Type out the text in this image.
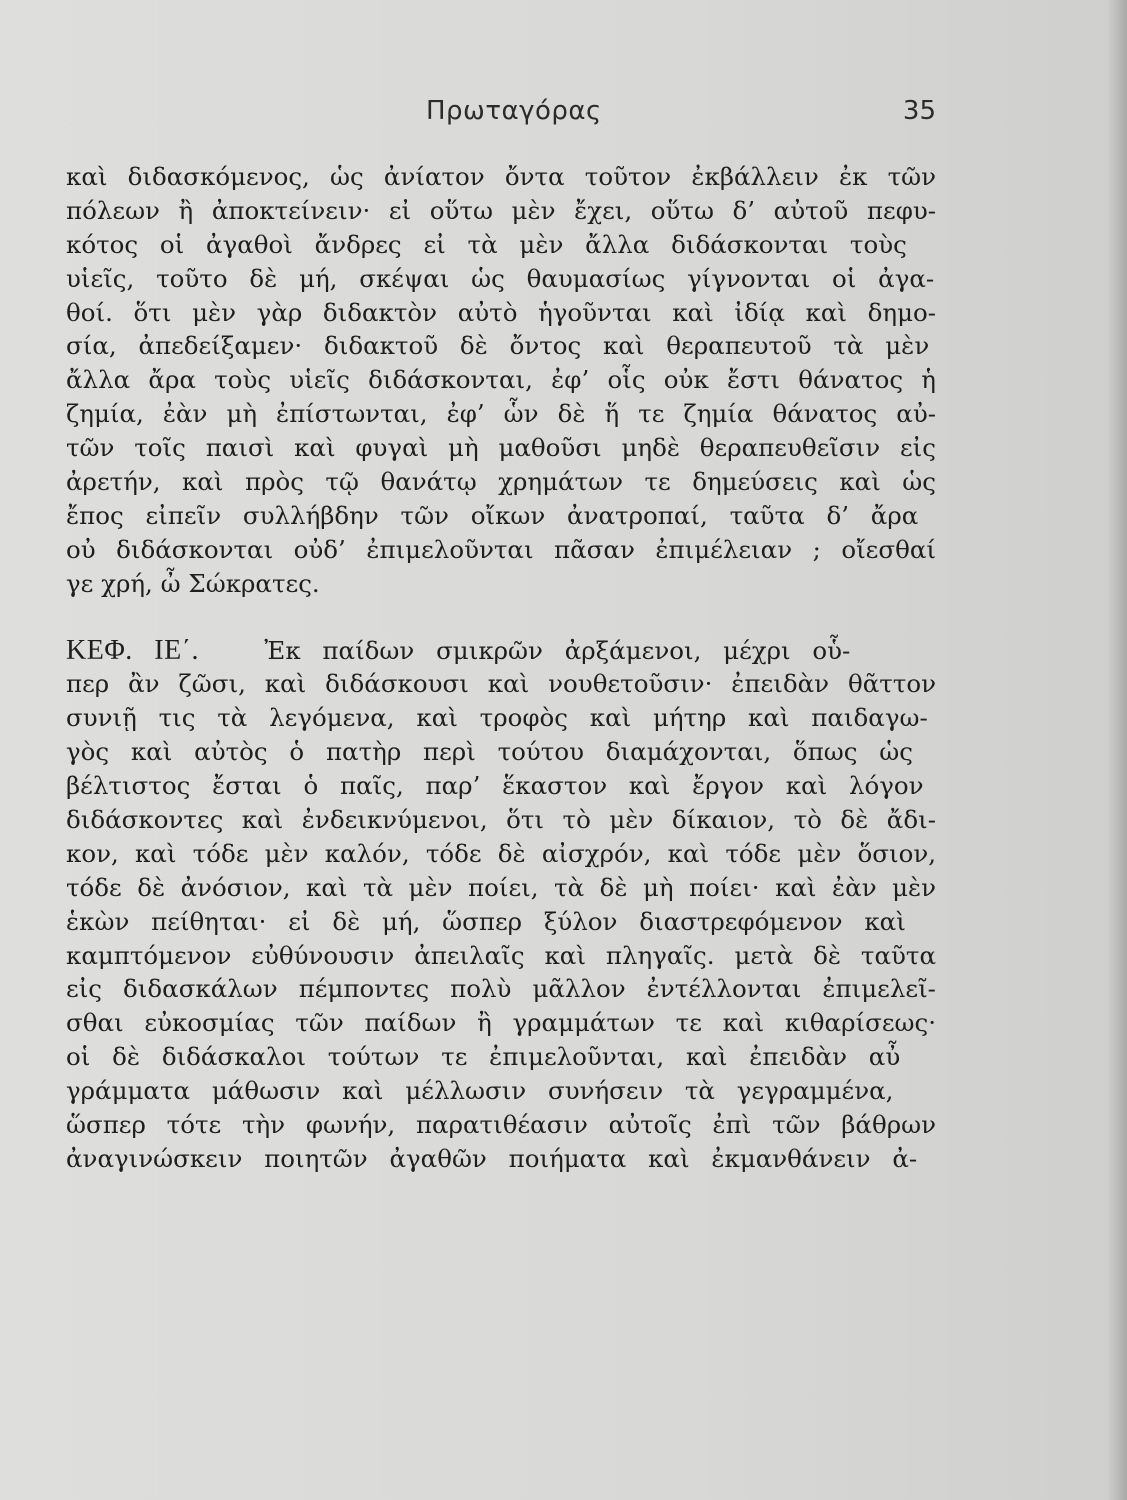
Πρωταγόρας	35
καὶ διδασκόμενος, ὡς ἀνίατον ὄντα τοῦτον ἐκβάλλειν ἐκ τῶν
πόλεων ἢ ἀποκτείνειν· εἰ οὕτω μὲν ἔχει, οὕτω δ’ αὐτοῦ πεφυ-
κότος οἱ ἀγαθοὶ ἄνδρες εἰ τὰ μὲν ἄλλα διδάσκονται τοὺς
υἱεῖς, τοῦτο δὲ μή, σκέψαι ὡς θαυμασίως γίγνονται οἱ ἀγα-
θοί. ὅτι μὲν γὰρ διδακτὸν αὐτὸ ἡγοῦνται καὶ ἰδίᾳ καὶ δημο-
σία, ἀπεδείξαμεν· διδακτοῦ δὲ ὄντος καὶ θεραπευτοῦ τὰ μὲν
ἄλλα ἄρα τοὺς υἱεῖς διδάσκονται, ἐφ’ οἷς οὐκ ἔστι θάνατος ἡ
ζημία, ἐὰν μὴ ἐπίστωνται, ἐφ’ ὧν δὲ ἥ τε ζημία θάνατος αὐ-
τῶν τοῖς παισὶ καὶ φυγαὶ μὴ μαθοῦσι μηδὲ θεραπευθεῖσιν εἰς
ἀρετήν, καὶ πρὸς τῷ θανάτῳ χρημάτων τε δημεύσεις καὶ ὡς
ἔπος εἰπεῖν συλλήβδην τῶν οἴκων ἀνατροπαί, ταῦτα δ’ ἄρα
οὐ διδάσκονται οὐδ’ ἐπιμελοῦνται πᾶσαν ἐπιμέλειαν ; οἴεσθαί
γε χρή, ὦ Σώκρατες.
ΚΕΦ. ΙΕ΄.	Ἐκ παίδων σμικρῶν ἀρξάμενοι, μέχρι οὗ-
περ ἂν ζῶσι, καὶ διδάσκουσι καὶ νουθετοῦσιν· ἐπειδὰν θᾶττον
συνιῇ τις τὰ λεγόμενα, καὶ τροφὸς καὶ μήτηρ καὶ παιδαγω-
γὸς καὶ αὐτὸς ὁ πατὴρ περὶ τούτου διαμάχονται, ὅπως ὡς
βέλτιστος ἔσται ὁ παῖς, παρ’ ἕκαστον καὶ ἔργον καὶ λόγον
διδάσκοντες καὶ ἐνδεικνύμενοι, ὅτι τὸ μὲν δίκαιον, τὸ δὲ ἄδι-
κον, καὶ τόδε μὲν καλόν, τόδε δὲ αἰσχρόν, καὶ τόδε μὲν ὅσιον,
τόδε δὲ ἀνόσιον, καὶ τὰ μὲν ποίει, τὰ δὲ μὴ ποίει· καὶ ἐὰν μὲν
ἑκὼν πείθηται· εἰ δὲ μή, ὥσπερ ξύλον διαστρεφόμενον καὶ
καμπτόμενον εὐθύνουσιν ἀπειλαῖς καὶ πληγαῖς. μετὰ δὲ ταῦτα
εἰς διδασκάλων πέμποντες πολὺ μᾶλλον ἐντέλλονται ἐπιμελεῖ-
σθαι εὐκοσμίας τῶν παίδων ἢ γραμμάτων τε καὶ κιθαρίσεως·
οἱ δὲ διδάσκαλοι τούτων τε ἐπιμελοῦνται, καὶ ἐπειδὰν αὖ
γράμματα μάθωσιν καὶ μέλλωσιν συνήσειν τὰ γεγραμμένα,
ὥσπερ τότε τὴν φωνήν, παρατιθέασιν αὐτοῖς ἐπὶ τῶν βάθρων
ἀναγινώσκειν ποιητῶν ἀγαθῶν ποιήματα καὶ ἐκμανθάνειν ἀ-
